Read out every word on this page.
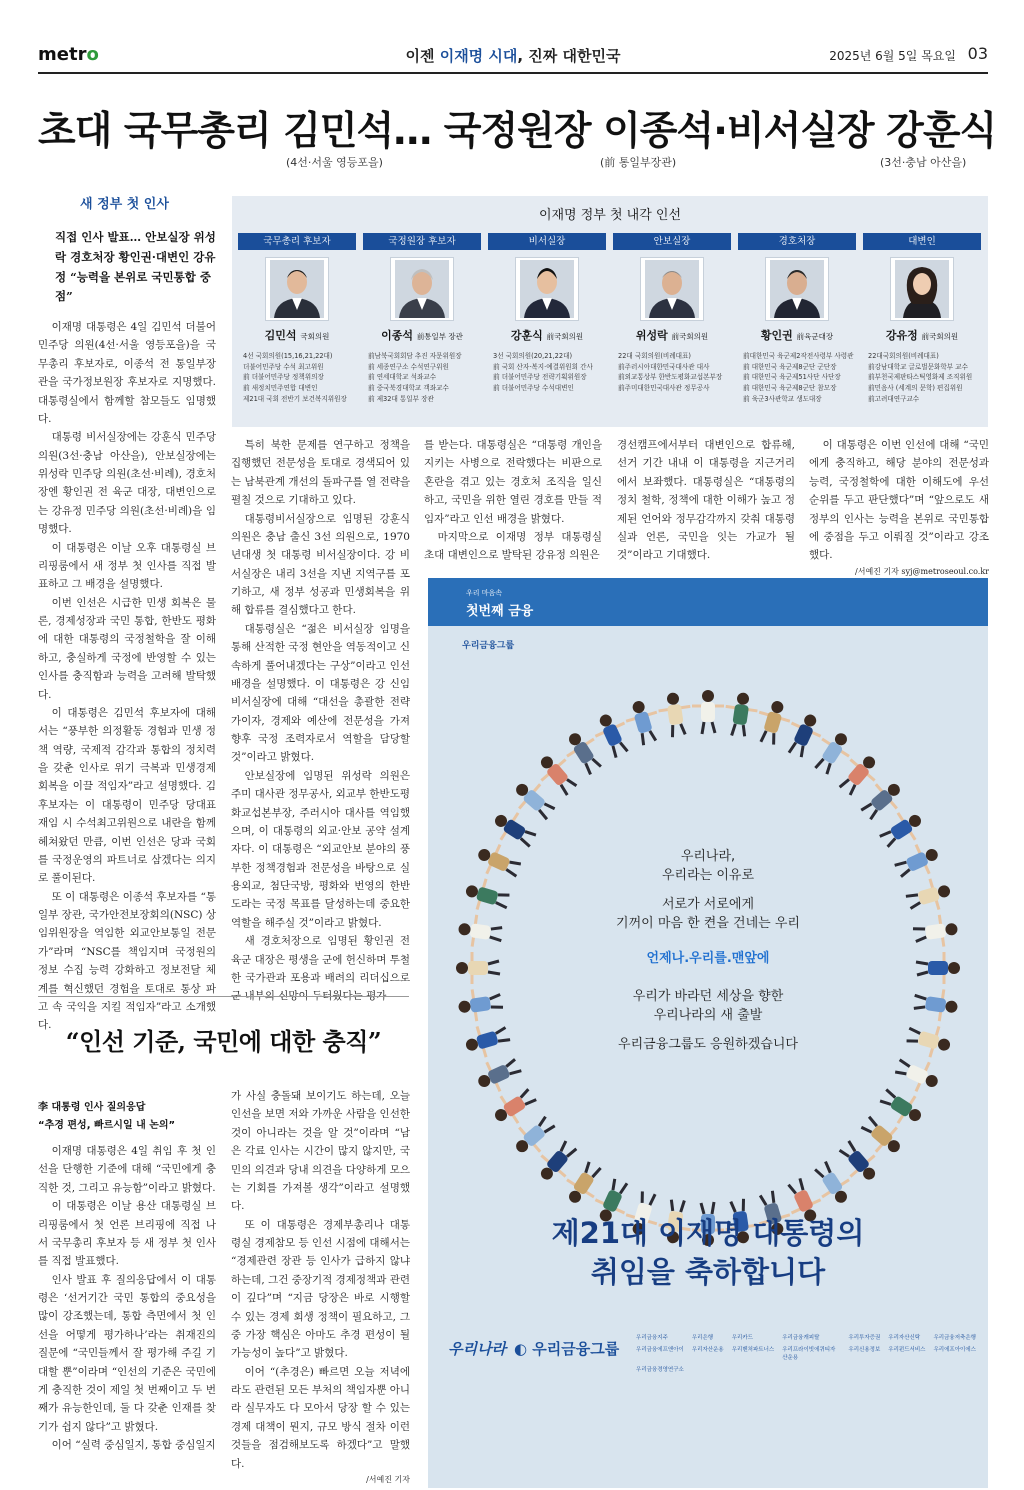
metro	이젠 이재명 시대, 진짜 대한민국	2025년 6월 5일 목요일 03
초대 국무총리 김민석… 국정원장 이종석·비서실장 강훈식
(4선·서울 영등포을)	(前 통일부장관)	(3선·충남 아산을)
새 정부 첫 인사
직접 인사 발표… 안보실장 위성락 경호처장 황인권·대변인 강유정 “능력을 본위로 국민통합 중점”

이재명 대통령은 4일 김민석 더불어민주당 의원(4선·서울 영등포을)을 국무총리 후보자로, 이종석 전 통일부장관을 국가정보원장 후보자로 지명했다. 대통령실에서 함께할 참모들도 임명했다.

대통령 비서실장에는 강훈식 민주당 의원(3선·충남 아산을), 안보실장에는 위성락 민주당 의원(초선·비례), 경호처장엔 황인권 전 육군 대장, 대변인으로는 강유정 민주당 의원(초선·비례)을 임명했다.

이 대통령은 이날 오후 대통령실 브리핑룸에서 새 정부 첫 인사를 직접 발표하고 그 배경을 설명했다.

이번 인선은 시급한 민생 회복은 물론, 경제성장과 국민 통합, 한반도 평화에 대한 대통령의 국정철학을 잘 이해하고, 충실하게 국정에 반영할 수 있는 인사를 충직함과 능력을 고려해 발탁했다.

이 대통령은 김민석 후보자에 대해서는 “풍부한 의정활동 경험과 민생 정책 역량, 국제적 감각과 통합의 정치력을 갖춘 인사로 위기 극복과 민생경제 회복을 이끌 적임자”라고 설명했다. 김 후보자는 이 대통령이 민주당 당대표 재임 시 수석최고위원으로 내란을 함께 헤쳐왔던 만큼, 이번 인선은 당과 국회를 국정운영의 파트너로 삼겠다는 의지로 풀이된다.

또 이 대통령은 이종석 후보자를 “통일부 장관, 국가안전보장회의(NSC) 상임위원장을 역임한 외교안보통일 전문가”라며 “NSC를 책임지며 국정원의 정보 수집 능력 강화하고 정보전달 체계를 혁신했던 경험을 토대로 통상 파고 속 국익을 지킬 적임자”라고 소개했다.

특히 북한 문제를 연구하고 정책을 집행했던 전문성을 토대로 경색되어 있는 남북관계 개선의 돌파구를 열 전략을 펼칠 것으로 기대하고 있다.

대통령비서실장으로 임명된 강훈식 의원은 충남 출신 3선 의원으로, 1970년대생 첫 대통령 비서실장이다. 강 비서실장은 내리 3선을 지낸 지역구를 포기하고, 새 정부 성공과 민생회복을 위해 합류를 결심했다고 한다.

대통령실은 “젊은 비서실장 임명을 통해 산적한 국정 현안을 역동적이고 신속하게 풀어내겠다는 구상”이라고 인선 배경을 설명했다. 이 대통령은 강 신임 비서실장에 대해 “대선을 총괄한 전략가이자, 경제와 예산에 전문성을 가져 향후 국정 조력자로서 역할을 담당할 것”이라고 밝혔다.

안보실장에 임명된 위성락 의원은 주미 대사관 정무공사, 외교부 한반도평화교섭본부장, 주러시아 대사를 역임했으며, 이 대통령의 외교·안보 공약 설계자다. 이 대통령은 “외교안보 분야의 풍부한 정책경험과 전문성을 바탕으로 실용외교, 첨단국방, 평화와 번영의 한반도라는 국정 목표를 달성하는데 중요한 역할을 해주실 것”이라고 밝혔다.

새 경호처장으로 임명된 황인권 전 육군 대장은 평생을 군에 헌신하며 투철한 국가관과 포용과 배려의 리더십으로 군 내부의 신망이 두터웠다는 평가

를 받는다. 대통령실은 “대통령 개인을 지키는 사병으로 전락했다는 비판으로 혼란을 겪고 있는 경호처 조직을 일신하고, 국민을 위한 열린 경호를 만들 적임자”라고 인선 배경을 밝혔다.

마지막으로 이재명 정부 대통령실 초대 대변인으로 발탁된 강유정 의원은

경선캠프에서부터 대변인으로 합류해, 선거 기간 내내 이 대통령을 지근거리에서 보좌했다. 대통령실은 “대통령의 정치 철학, 정책에 대한 이해가 높고 정제된 언어와 정무감각까지 갖춰 대통령실과 언론, 국민을 잇는 가교가 될 것”이라고 기대했다.

이 대통령은 이번 인선에 대해 “국민에게 충직하고, 해당 분야의 전문성과 능력, 국정철학에 대한 이해도에 우선 순위를 두고 판단했다”며 “앞으로도 새 정부의 인사는 능력을 본위로 국민통합에 중점을 두고 이뤄질 것”이라고 강조했다.

/서예진 기자 syj@metroseoul.co.kr

이재명 정부 첫 내각 인선
국무총리 후보자
김민석 국회의원
4선 국회의원(15,16,21,22대)
더불어민주당 수석 최고위원
前 더불어민주당 정책위의장
前 새정치민주연합 대변인
제21대 국회 전반기 보건복지위원장
국정원장 후보자
이종석 前통일부 장관
前남북국회회담 추진 자문위원장
前 세종연구소 수석연구위원
前 연세대학교 석좌교수
前 중국북경대학교 객좌교수
前 제32대 통일부 장관
비서실장
강훈식 前국회의원
3선 국회의원(20,21,22대)
前 국회 산자·복지·예결위원회 간사
前 더불어민주당 전략기획위원장
前 더불어민주당 수석대변인
안보실장
위성락 前국회의원
22대 국회의원(비례대표)
前주러시아대한민국대사관 대사
前외교통상부 한반도평화교섭본부장
前주미대한민국대사관 정무공사
경호처장
황인권 前육군대장
前대한민국 육군제2작전사령부 사령관
前 대한민국 육군제8군단 군단장
前 대한민국 육군제51사단 사단장
前 대한민국 육군제8군단 참모장
前 육군3사관학교 생도대장
대변인
강유정 前국회의원
22대국회의원(비례대표)
前강남대학교 글로벌문화학부 교수
前부천국제판타스틱영화제 조직위원
前민음사 (세계의 문학) 편집위원
前고려대연구교수
“인선 기준, 국민에 대한 충직”
李 대통령 인사 질의응답
“추경 편성, 빠르시일 내 논의”

이재명 대통령은 4일 취임 후 첫 인선을 단행한 기준에 대해 “국민에게 충직한 것, 그리고 유능함”이라고 밝혔다.

이 대통령은 이날 용산 대통령실 브리핑룸에서 첫 언론 브리핑에 직접 나서 국무총리 후보자 등 새 정부 첫 인사를 직접 발표했다.

인사 발표 후 질의응답에서 이 대통령은 ‘선거기간 국민 통합의 중요성을 많이 강조했는데, 통합 측면에서 첫 인선을 어떻게 평가하나’라는 취재진의 질문에 “국민들께서 잘 평가해 주길 기대할 뿐”이라며 “인선의 기준은 국민에게 충직한 것이 제일 첫 번째이고 두 번째가 유능한인데, 둘 다 갖춘 인재를 찾기가 쉽지 않다”고 밝혔다.

이어 “실력 중심일지, 통합 중심일지

가 사실 충돌돼 보이기도 하는데, 오늘 인선을 보면 저와 가까운 사람을 인선한 것이 아니라는 것을 알 것”이라며 “남은 각료 인사는 시간이 많지 않지만, 국민의 의견과 당내 의견을 다양하게 모으는 기회를 가져볼 생각”이라고 설명했다.

또 이 대통령은 경제부총리나 대통령실 경제참모 등 인선 시점에 대해서는 “경제관련 장관 등 인사가 급하지 않냐 하는데, 그건 중장기적 경제정책과 관련이 깊다”며 “지금 당장은 바로 시행할 수 있는 경제 회생 정책이 필요하고, 그중 가장 핵심은 아마도 추경 편성이 될 가능성이 높다”고 밝혔다.

이어 “(추경은) 빠르면 오늘 저녁에라도 관련된 모든 부처의 책임자뿐 아니라 실무자도 다 모아서 당장 할 수 있는 경제 대책이 뭔지, 규모 방식 절차 이런 것들을 점검해보도록 하겠다”고 말했다.

/서예진 기자

우리 마음속
첫번째 금융
우리금융그룹
우리나라,
우리라는 이유로
서로가 서로에게
기꺼이 마음 한 켠을 건네는 우리
언제나.우리를.맨앞에
우리가 바라던 세상을 향한
우리나라의 새 출발
우리금융그룹도 응원하겠습니다
제21대 이재명 대통령의
취임을 축하합니다
우리나라 ◐ 우리금융그룹
우리금융지주	우리은행	우리카드	우리금융캐피탈	우리투자증권 우리자산신탁	우리금융저축은행
우리금융에프앤아이 우리자산운용 우리벤처파트너스 우리프라이빗에퀴티자산운용
우리신용정보 우리펀드서비스 우리에프아이에스
우리금융경영연구소
